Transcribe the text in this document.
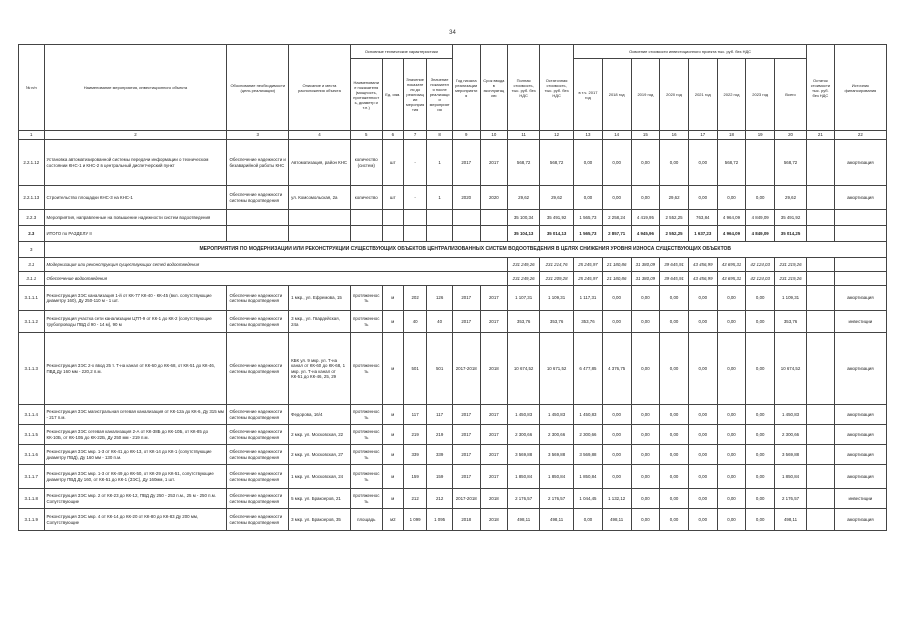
34
№ п/п	Наименование мероприятия, инвестиционного объекта	Обоснование необходимости (цель реализации)	Описание и места расположения объекта	Основные технические характеристики				Год начала реализации мероприятия	Срок ввода в эксплуатацию	Полная стоимость, тыс. руб. без НДС	Остаточная стоимость, тыс. руб. без НДС	Освоение стоимости инвестиционного проекта тыс. руб. без НДС								Остаток стоимости тыс. руб. без НДС	Источник финансирования
				Наименование показателя (мощность, протяженность, диаметр и т.п.)	Ед. изм.	Значение показателя до реализации мероприятия	Значение показателя после реализации мероприятия					в т.ч. 2017 год	2018 год	2019 год	2020 год	2021 год	2022 год	2023 год	Всего		
1	2	3	4	5	6	7	8	9	10	11	12	13	14	15	16	17	18	19	20	21	22
2.2.1.12	Установка автоматизированной системы передачи информации о техническом состоянии КНС-1 и КНС-2 в центральный диспетчерский пункт	Обеспечение надежности и безаварийной работы КНС	Автоматизация, район КНС	количество (систем)	шт	-	1	2017	2017	568,72	568,72	0,00	0,00	0,00	0,00	0,00	568,72		568,72		амортизация
2.2.1.13	Строительство площадки КНС-3 на КНС-1	Обеспечение надежности системы водоотведения	ул. Комсомольская, 2a	количество	шт	-	1	2020	2020	29,62	29,62	0,00	0,00	0,00	29,62	0,00	0,00	0,00	29,62		амортизация
2.2.3	Мероприятия, направленные на повышение надежности систем водоотведения									35 100,34	35 491,92	1 565,73	2 258,24	4 419,95	2 552,25	763,84	4 964,09	4 849,09	35 491,92		
2.3	ИТОГО по РАЗДЕЛУ II									35 104,13	35 014,13	1 565,73	2 857,71	4 945,96	2 552,25	1 637,23	4 964,09	4 849,09	35 014,25		
3	МЕРОПРИЯТИЯ ПО МОДЕРНИЗАЦИИ ИЛИ РЕКОНСТРУКЦИИ СУЩЕСТВУЮЩИХ ОБЪЕКТОВ ЦЕНТРАЛИЗОВАННЫХ СИСТЕМ ВОДООТВЕДЕНИЯ В ЦЕЛЯХ СНИЖЕНИЯ УРОВНЯ ИЗНОСА СУЩЕСТВУЮЩИХ ОБЪЕКТОВ																				
3.1	Модернизация или реконструкция существующих сетей водоотведения									231 249,26	231 214,76	25 245,97	21 180,86	31 380,09	39 645,91	43 456,99	43 695,31	42 124,03	231 219,26		
3.1.1	Обеспечение водоотведения									231 249,26	231 209,28	25 245,97	21 180,86	31 380,09	39 645,91	43 456,99	43 695,31	42 124,03	231 219,26		
3.1.1.1	Реконструкция ЗЭС канализация 1-й от КК-77 КК-40 - КК-45 (вкл. сопутствующие диаметру 160), Ду 250-110 м - 1 шт.	Обеспечение надежности системы водоотведения	1 мкр., ул. Ефремова, 15	протяженность	м	202	126	2017	2017	1 107,31	1 109,31	1 117,31	0,00	0,00	0,00	0,00	0,00	0,00	1 109,31		амортизация
3.1.1.2	Реконструкция участка сети канализации ЦТП-9 от КК-1 до КК-2 (сопутствующие трубопроводы ПВД d 90 - 14 м), 90 м	Обеспечение надежности системы водоотведения	3 мкр., ул. Гвардейская, 24а	протяженность	м	40	40	2017	2017	353,76	353,76	353,76	0,00	0,00	0,00	0,00	0,00	0,00	353,76		инвестиции
3.1.1.3	Реконструкция ЗЭС 2-х ввод 25 т. Т-на канал от КК-60 до КК-68, от КК-51 до КК-46, ПВД Ду 160 мм - 220,2 п.м.	Обеспечение надежности системы водоотведения	КБК ул. 9 мкр. ул. Т-на канал от КК-60 до КК-68, 1 мкр. ул. Т-на канал от КК-51 до КК-46, 25, 29	протяженность	м	501	501	2017-2018	2018	10 674,52	10 671,52	6 477,85	4 376,75	0,00	0,00	0,00	0,00	0,00	10 674,52		амортизация
3.1.1.4	Реконструкция ЗЭС магистральная сетевая канализация от КК-12а до КК-6, Ду 315 мм - 217 п.м.	Обеспечение надежности системы водоотведения	Федорова, 16/4	протяженность	м	117	117	2017	2017	1 450,83	1 450,83	1 450,83	0,00	0,00	0,00	0,00	0,00	0,00	1 450,83		амортизация
3.1.1.5	Реконструкция ЗЭС сетевая канализация 2-А от КК-38Б до КК-10Б, от КК-85 до КК-10Б, от КК-10Б до КК-22Б, Ду 250 мм - 219 п.м.	Обеспечение надежности системы водоотведения	2 мкр. ул. Московская, 22	протяженность	м	219	219	2017	2017	2 300,66	2 300,66	2 300,66	0,00	0,00	0,00	0,00	0,00	0,00	2 300,66		амортизация
3.1.1.6	Реконструкция ЗЭС мкр. 1-3 от КК-41 до КК-13, от КК-14 до КК-1 (сопутствующие диаметру ПВД), Ду 160 мм - 130 п.м.	Обеспечение надежности системы водоотведения	2 мкр. ул. Московская, 27	протяженность	м	339	339	2017	2017	3 569,88	3 569,88	3 569,88	0,00	0,00	0,00	0,00	0,00	0,00	3 569,88		амортизация
3.1.1.7	Реконструкция ЗЭС мкр. 1-3 от КК-49 до КК-50, от КК-29 до КК-51, сопутствующие диаметру ПВД Ду 160, от КК-51 до КК-1 (ЗЭС), Ду 160мм, 1 шт.	Обеспечение надежности системы водоотведения	1 мкр. ул. Московская, 24	протяженность	м	159	159	2017	2017	1 850,84	1 850,84	1 850,84	0,00	0,00	0,00	0,00	0,00	0,00	1 850,84		амортизация
3.1.1.8	Реконструкция ЗЭС мкр. 2 от КК-23 до КК-12, ПВД Ду 250 - 253 п.м., 25 м - 250 п.м. Сопутствующие	Обеспечение надежности системы водоотведения	5 мкр. ул. Бракоеров, 21	протяженность	м	212	212	2017-2018	2018	2 176,57	2 176,57	1 044,45	1 132,12	0,00	0,00	0,00	0,00	0,00	2 176,57		инвестиции
3.1.1.9	Реконструкция ЗЭС мкр. 4 от КК-14 до КК-20 от КК-80 до КК-83 Ду 200 мм, Сопутствующие	Обеспечение надежности системы водоотведения	3 мкр. ул. Бракоеров, 35	площадь	м2	1 099	1 095	2018	2018	498,11	498,11	0,00	498,11	0,00	0,00	0,00	0,00	0,00	498,11		амортизация
